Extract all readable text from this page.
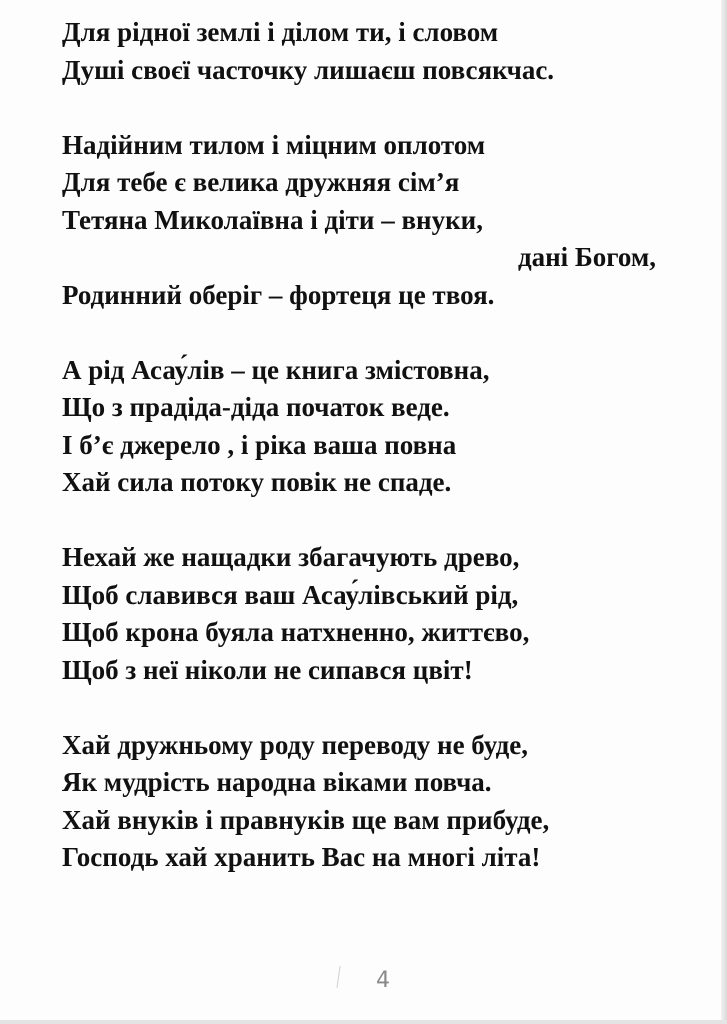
Для рідної землі і ділом ти, і словом
Душі своєї часточку лишаєш повсякчас.
Надійним тилом і міцним оплотом
Для тебе є велика дружняя сім’я
Тетяна Миколаївна і діти – внуки,
дані Богом,
Родинний оберіг – фортеця це твоя.
А рід Асау́лів – це книга змістовна,
Що з прадіда-діда початок веде.
І б’є джерело , і ріка ваша повна
Хай сила потоку повік не спаде.
Нехай же нащадки збагачують древо,
Щоб славився ваш Асау́лівський рід,
Щоб крона буяла натхненно, життєво,
Щоб з неї ніколи не сипався цвіт!
Хай дружньому роду переводу не буде,
Як мудрість народна віками повча.
Хай внуків і правнуків ще вам прибуде,
Господь хай хранить Вас на многі літа!
4
